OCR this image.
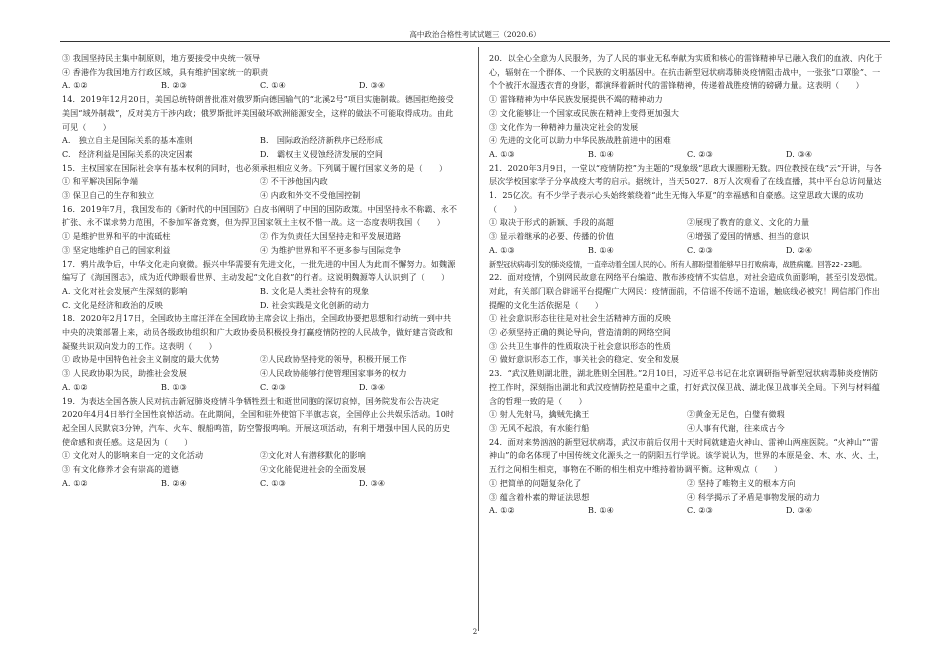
高中政治合格性考试试题三（2020.6）

③ 我国坚持民主集中制原则，地方要接受中央统一领导

④ 香港作为我国地方行政区域，具有维护国家统一的职责

A. ①②	B. ②③	C. ①④	D. ③④

14．2019年12月20日，美国总统特朗普批准对俄罗斯向德国输气的“北溪2号”项目实施制裁。德国拒绝接受美国“域外制裁”，反对美方干涉内政；俄罗斯批评美国破坏欧洲能源安全，这样的做法不可能取得成功。由此可见（　　）

A.　独立自主是国际关系的基本准则	B.　国际政治经济新秩序已经形成
C.　经济利益是国际关系的决定因素	D.　霸权主义侵蚀经济发展的空间

15．主权国家在国际社会享有基本权利的同时，也必须承担相应义务。下列属于履行国家义务的是（　　）

① 和平解决国际争端	② 不干涉他国内政
③ 保卫自己的生存和独立	④ 内政和外交不受他国控制

16．2019年7月，我国发布的《新时代的中国国防》白皮书阐明了中国的国防政策。中国坚持永不称霸、永不扩张、永不谋求势力范围，不参加军备竞赛，但为捍卫国家领土主权不惜一战。这一态度表明我国（　　）

① 是维护世界和平的中流砥柱	② 作为负责任大国坚持走和平发展道路
③ 坚定地维护自己的国家利益	④ 为维护世界和平不更多参与国际竞争

17．鸦片战争后，中华文化走向衰微。振兴中华需要有先进文化，一批先进的中国人为此而不懈努力。如魏源编写了《海国图志》，成为近代睁眼看世界、主动发起“文化自救”的行者。这说明魏源等人认识到了（　　）

A. 文化对社会发展产生深刻的影响	B. 文化是人类社会特有的现象
C. 文化是经济和政治的反映	D. 社会实践是文化创新的动力

18．2020年2月17日，全国政协主席汪洋在全国政协主席会议上指出，全国政协要把思想和行动统一到中共中央的决策部署上来，动员各级政协组织和广大政协委员积极投身打赢疫情防控的人民战争，做好建言资政和凝聚共识双向发力的工作。这表明（　　）

① 政协是中国特色社会主义制度的最大优势	②人民政协坚持党的领导，积极开展工作
③ 人民政协职为民，助推社会发展	④人民政协能够行使管理国家事务的权力
A. ①②	B. ①③	C. ②③	D. ③④

19．为表达全国各族人民对抗击新冠肺炎疫情斗争牺牲烈士和逝世同胞的深切哀悼，国务院发布公告决定2020年4月4日举行全国性哀悼活动。在此期间，全国和驻外使馆下半旗志哀，全国停止公共娱乐活动。10时起全国人民默哀3分钟，汽车、火车、舰船鸣笛，防空警报鸣响。开展这项活动，有利于增强中国人民的历史使命感和责任感。这是因为（　　）

① 文化对人的影响来自一定的文化活动	②文化对人有潜移默化的影响
③ 有文化修养才会有崇高的道德	④文化能促进社会的全面发展
A. ①②	B. ②④	C. ①③	D. ③④

20．以全心全意为人民服务，为了人民的事业无私奉献为实质和核心的雷锋精神早已融入我们的血液、内化于心，辐射在一个群体、一个民族的文明基因中。在抗击新型冠状病毒肺炎疫情阻击战中，一张张“口罩脸”、一个个被汗水湿透衣背的身影，都演绎着新时代的雷锋精神，传递着战胜疫情的磅礴力量。这表明（　　）

① 雷锋精神为中华民族发展提供不竭的精神动力

② 文化能够让一个国家或民族在精神上变得更加强大

③ 文化作为一种精神力量决定社会的发展

④ 先进的文化可以助力中华民族战胜前进中的困难

A. ①③	B. ①④	C. ②③	D. ③④

21．2020年3月9日，一堂以“疫情防控”为主题的“现象级”思政大课圈粉无数。四位教授在线“云”开讲，与各层次学校国家学子分享战疫大考的启示。据统计，当天5027．8万人次观看了在线直播，其中平台总访问量达1．25亿次。有不少学子表示心头始终萦绕着“此生无悔入华夏”的幸福感和自豪感。这堂思政大课的成功（　　）

① 取决于形式的新颖、手段的高超	②展现了教育的意义、文化的力量
③ 显示着继承的必要、传播的价值	④增强了爱国的情感、担当的意识
A. ①③	B. ①④	C. ②③	D. ②④

新型冠状病毒引发的肺炎疫情，一直牵动着全国人民的心。所有人都盼望着能够早日打败病毒，战胜病魔。回答22-23题。

22．面对疫情，个别网民故意在网络平台编造、散布涉疫情不实信息，对社会造成负面影响，甚至引发恐慌。对此，有关部门联合辟谣平台提醒广大网民：疫情面前，不信谣不传谣不造谣，触底线必被究！网信部门作出提醒的文化生活依据是（　　）

① 社会意识形态往往是对社会生活精神方面的反映

② 必须坚持正确的舆论导向，营造清朗的网络空间

③ 公共卫生事件的性质取决于社会意识形态的性质

④ 做好意识形态工作，事关社会的稳定、安全和发展

23．“武汉胜则湖北胜，湖北胜则全国胜。”2月10日，习近平总书记在北京调研指导新型冠状病毒肺炎疫情防控工作时，深刻指出湖北和武汉疫情防控是重中之重，打好武汉保卫战、湖北保卫战事关全局。下列与材料蕴含的哲理一致的是（　　）

① 射人先射马，擒贼先擒王	②黄金无足色，白璧有微瑕
③ 无风不起浪，有水能行船	④人事有代谢，往来成古今

24．面对来势汹汹的新型冠状病毒，武汉市前后仅用十天时间就建造火神山、雷神山两座医院。“火神山”“雷神山”的命名体现了中国传统文化源头之一的阴阳五行学说。该学说认为，世界的本原是金、木、水、火、土，五行之间相生相克，事物在不断的相生相克中维持着协调平衡。这种观点（　　）

① 把简单的问题复杂化了	② 坚持了唯物主义的根本方向
③ 蕴含着朴素的辩证法思想	④ 科学揭示了矛盾是事物发展的动力
A. ①②	B. ①④	C. ②③	D. ③④
2
